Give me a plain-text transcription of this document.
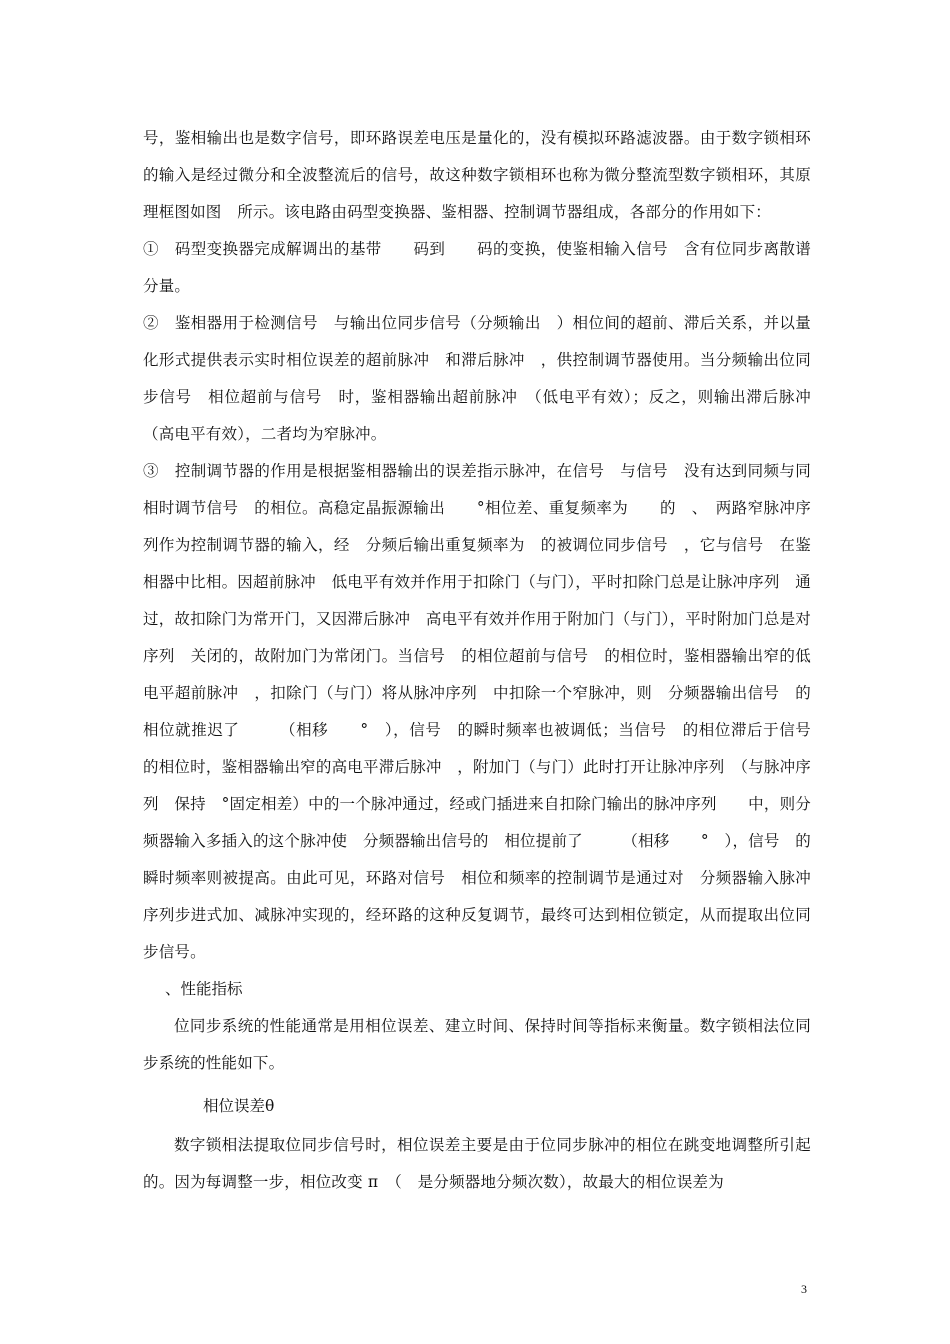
号，鉴相输出也是数字信号，即环路误差电压是量化的，没有模拟环路滤波器。由于数字锁相环的输入是经过微分和全波整流后的信号，故这种数字锁相环也称为微分整流型数字锁相环，其原理框图如图　所示。该电路由码型变换器、鉴相器、控制调节器组成，各部分的作用如下：

①　码型变换器完成解调出的基带　　码到　　码的变换，使鉴相输入信号　含有位同步离散谱分量。

②　鉴相器用于检测信号　与输出位同步信号（分频输出　）相位间的超前、滞后关系，并以量化形式提供表示实时相位误差的超前脉冲　和滞后脉冲　，供控制调节器使用。当分频输出位同步信号　相位超前与信号　时，鉴相器输出超前脉冲　（低电平有效）；反之，则输出滞后脉冲　（高电平有效），二者均为窄脉冲。

③　控制调节器的作用是根据鉴相器输出的误差指示脉冲，在信号　与信号　没有达到同频与同相时调节信号　的相位。高稳定晶振源输出　　°相位差、重复频率为　　的　、　两路窄脉冲序列作为控制调节器的输入，经　分频后输出重复频率为　的被调位同步信号　，它与信号　在鉴相器中比相。因超前脉冲　低电平有效并作用于扣除门（与门），平时扣除门总是让脉冲序列　通过，故扣除门为常开门，又因滞后脉冲　高电平有效并作用于附加门（与门），平时附加门总是对序列　关闭的，故附加门为常闭门。当信号　的相位超前与信号　的相位时，鉴相器输出窄的低电平超前脉冲　，扣除门（与门）将从脉冲序列　中扣除一个窄脉冲，则　分频器输出信号　的相位就推迟了　　　（相移　　°　），信号　的瞬时频率也被调低；当信号　的相位滞后于信号　的相位时，鉴相器输出窄的高电平滞后脉冲　，附加门（与门）此时打开让脉冲序列　（与脉冲序列　保持　°固定相差）中的一个脉冲通过，经或门插进来自扣除门输出的脉冲序列　　中，则分频器输入多插入的这个脉冲使　分频器输出信号的　相位提前了　　　（相移　　°　），信号　的瞬时频率则被提高。由此可见，环路对信号　相位和频率的控制调节是通过对　分频器输入脉冲序列步进式加、减脉冲实现的，经环路的这种反复调节，最终可达到相位锁定，从而提取出位同步信号。

、性能指标

位同步系统的性能通常是用相位误差、建立时间、保持时间等指标来衡量。数字锁相法位同步系统的性能如下。

相位误差θ

数字锁相法提取位同步信号时，相位误差主要是由于位同步脉冲的相位在跳变地调整所引起的。因为每调整一步，相位改变 π　（　是分频器地分频次数），故最大的相位误差为

3
